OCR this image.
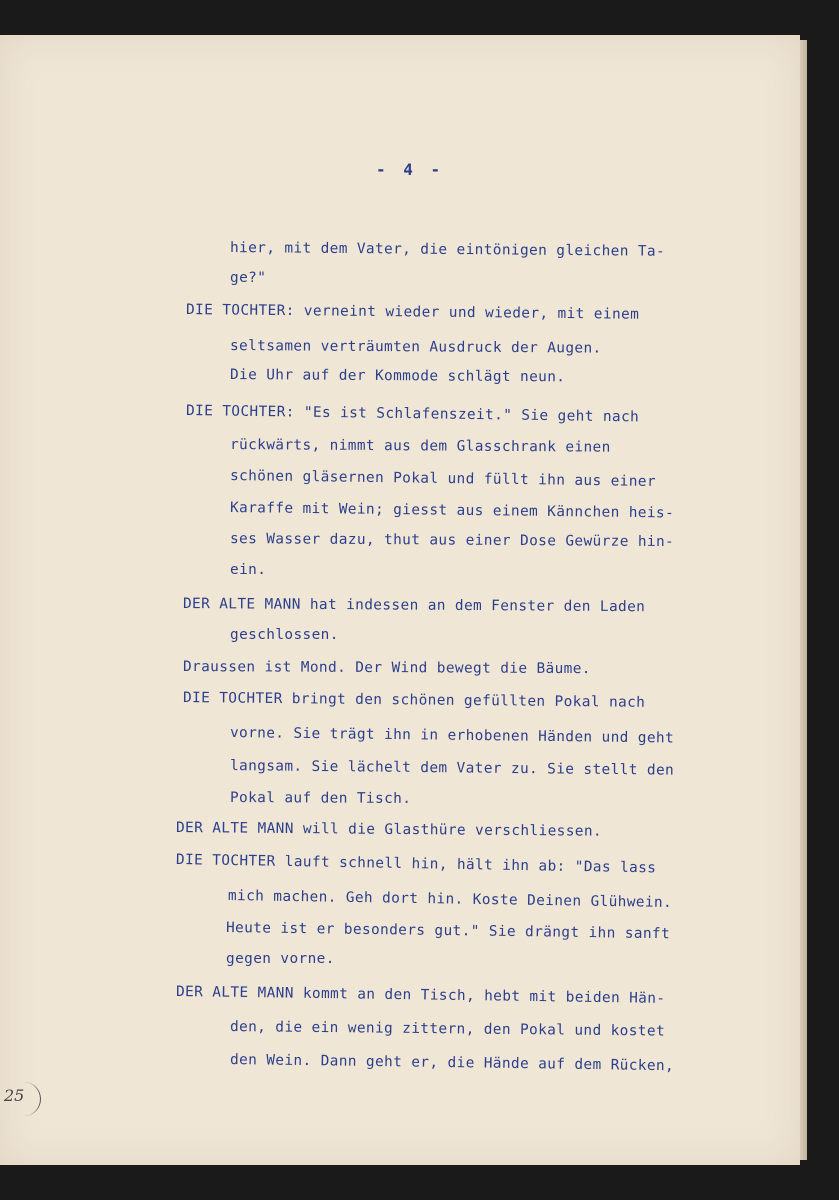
- 4 -
hier, mit dem Vater, die eintönigen gleichen Ta-
ge?"
DIE TOCHTER: verneint wieder und wieder, mit einem
seltsamen verträumten Ausdruck der Augen.
Die Uhr auf der Kommode schlägt neun.
DIE TOCHTER: "Es ist Schlafenszeit." Sie geht nach
rückwärts, nimmt aus dem Glasschrank einen
schönen gläsernen Pokal und füllt ihn aus einer
Karaffe mit Wein; giesst aus einem Kännchen heis-
ses Wasser dazu, thut aus einer Dose Gewürze hin-
ein.
DER ALTE MANN hat indessen an dem Fenster den Laden
geschlossen.
Draussen ist Mond. Der Wind bewegt die Bäume.
DIE TOCHTER bringt den schönen gefüllten Pokal nach
vorne. Sie trägt ihn in erhobenen Händen und geht
langsam. Sie lächelt dem Vater zu. Sie stellt den
Pokal auf den Tisch.
DER ALTE MANN will die Glasthüre verschliessen.
DIE TOCHTER lauft schnell hin, hält ihn ab: "Das lass
mich machen. Geh dort hin. Koste Deinen Glühwein.
Heute ist er besonders gut." Sie drängt ihn sanft
gegen vorne.
DER ALTE MANN kommt an den Tisch, hebt mit beiden Hän-
den, die ein wenig zittern, den Pokal und kostet
den Wein. Dann geht er, die Hände auf dem Rücken,
25
